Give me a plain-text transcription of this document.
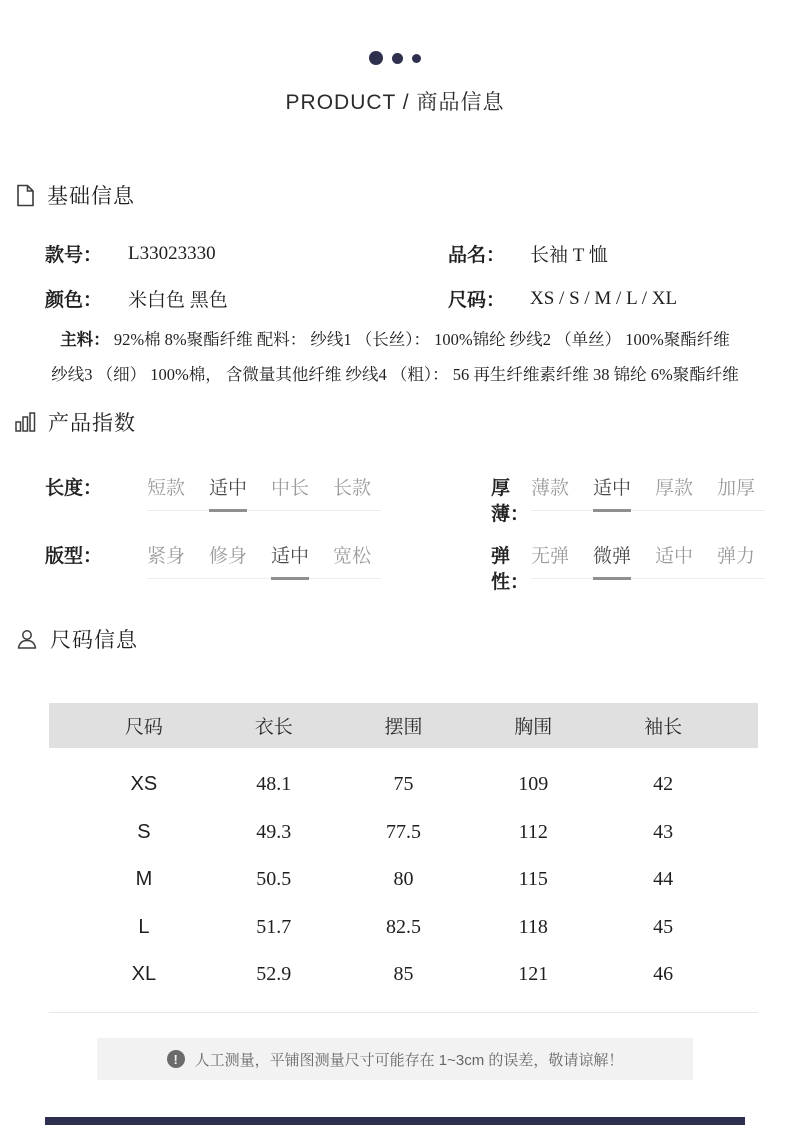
PRODUCT / 商品信息
基础信息
款号：	L33023330	品名：	长袖 T 恤
颜色：	米白色 黑色	尺码：	XS / S / M / L / XL
主料： 92%棉 8%聚酯纤维 配料： 纱线1 （长丝）： 100%锦纶 纱线2 （单丝） 100%聚酯纤维
纱线3 （细） 100%棉， 含微量其他纤维 纱线4 （粗）： 56 再生纤维素纤维 38 锦纶 6%聚酯纤维
产品指数
长度：	短款 适中 中长 长款	厚薄：
薄款 适中 厚款 加厚
版型：	紧身 修身 适中 宽松	弹性：
无弹 微弹 适中 弹力
尺码信息
尺码	衣长	摆围	胸围	袖长
XS	48.1	75	109	42
S	49.3	77.5	112	43
M	50.5	80	115	44
L	51.7	82.5	118	45
XL	52.9	85	121	46
!	人工测量，平铺图测量尺寸可能存在 1~3cm 的误差，敬请谅解！
